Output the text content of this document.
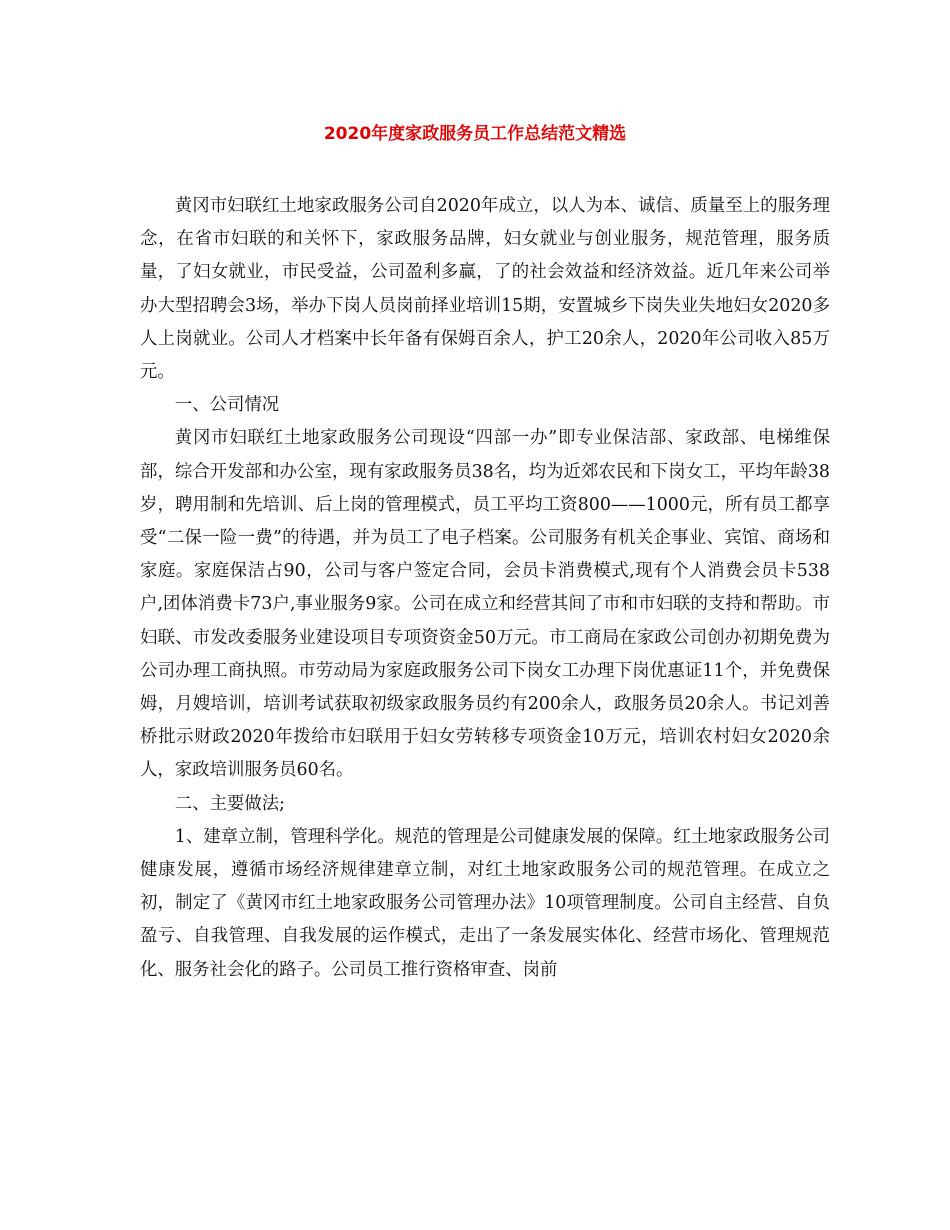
2020年度家政服务员工作总结范文精选

黄冈市妇联红土地家政服务公司自2020年成立，以人为本、诚信、质量至上的服务理念，在省市妇联的和关怀下，家政服务品牌，妇女就业与创业服务，规范管理，服务质量，了妇女就业，市民受益，公司盈利多赢，了的社会效益和经济效益。近几年来公司举办大型招聘会3场，举办下岗人员岗前择业培训15期，安置城乡下岗失业失地妇女2020多人上岗就业。公司人才档案中长年备有保姆百余人，护工20余人，2020年公司收入85万元。

一、公司情况

黄冈市妇联红土地家政服务公司现设“四部一办”即专业保洁部、家政部、电梯维保部，综合开发部和办公室，现有家政服务员38名，均为近郊农民和下岗女工，平均年龄38岁，聘用制和先培训、后上岗的管理模式，员工平均工资800——1000元，所有员工都享受“二保一险一费”的待遇，并为员工了电子档案。公司服务有机关企事业、宾馆、商场和家庭。家庭保洁占90，公司与客户签定合同，会员卡消费模式,现有个人消费会员卡538户,团体消费卡73户,事业服务9家。公司在成立和经营其间了市和市妇联的支持和帮助。市妇联、市发改委服务业建设项目专项资资金50万元。市工商局在家政公司创办初期免费为公司办理工商执照。市劳动局为家庭政服务公司下岗女工办理下岗优惠证11个，并免费保姆，月嫂培训，培训考试获取初级家政服务员约有200余人，政服务员20余人。书记刘善桥批示财政2020年拨给市妇联用于妇女劳转移专项资金10万元，培训农村妇女2020余人，家政培训服务员60名。

二、主要做法;

1、建章立制，管理科学化。规范的管理是公司健康发展的保障。红土地家政服务公司健康发展，遵循市场经济规律建章立制，对红土地家政服务公司的规范管理。在成立之初，制定了《黄冈市红土地家政服务公司管理办法》10项管理制度。公司自主经营、自负盈亏、自我管理、自我发展的运作模式，走出了一条发展实体化、经营市场化、管理规范化、服务社会化的路子。公司员工推行资格审查、岗前
